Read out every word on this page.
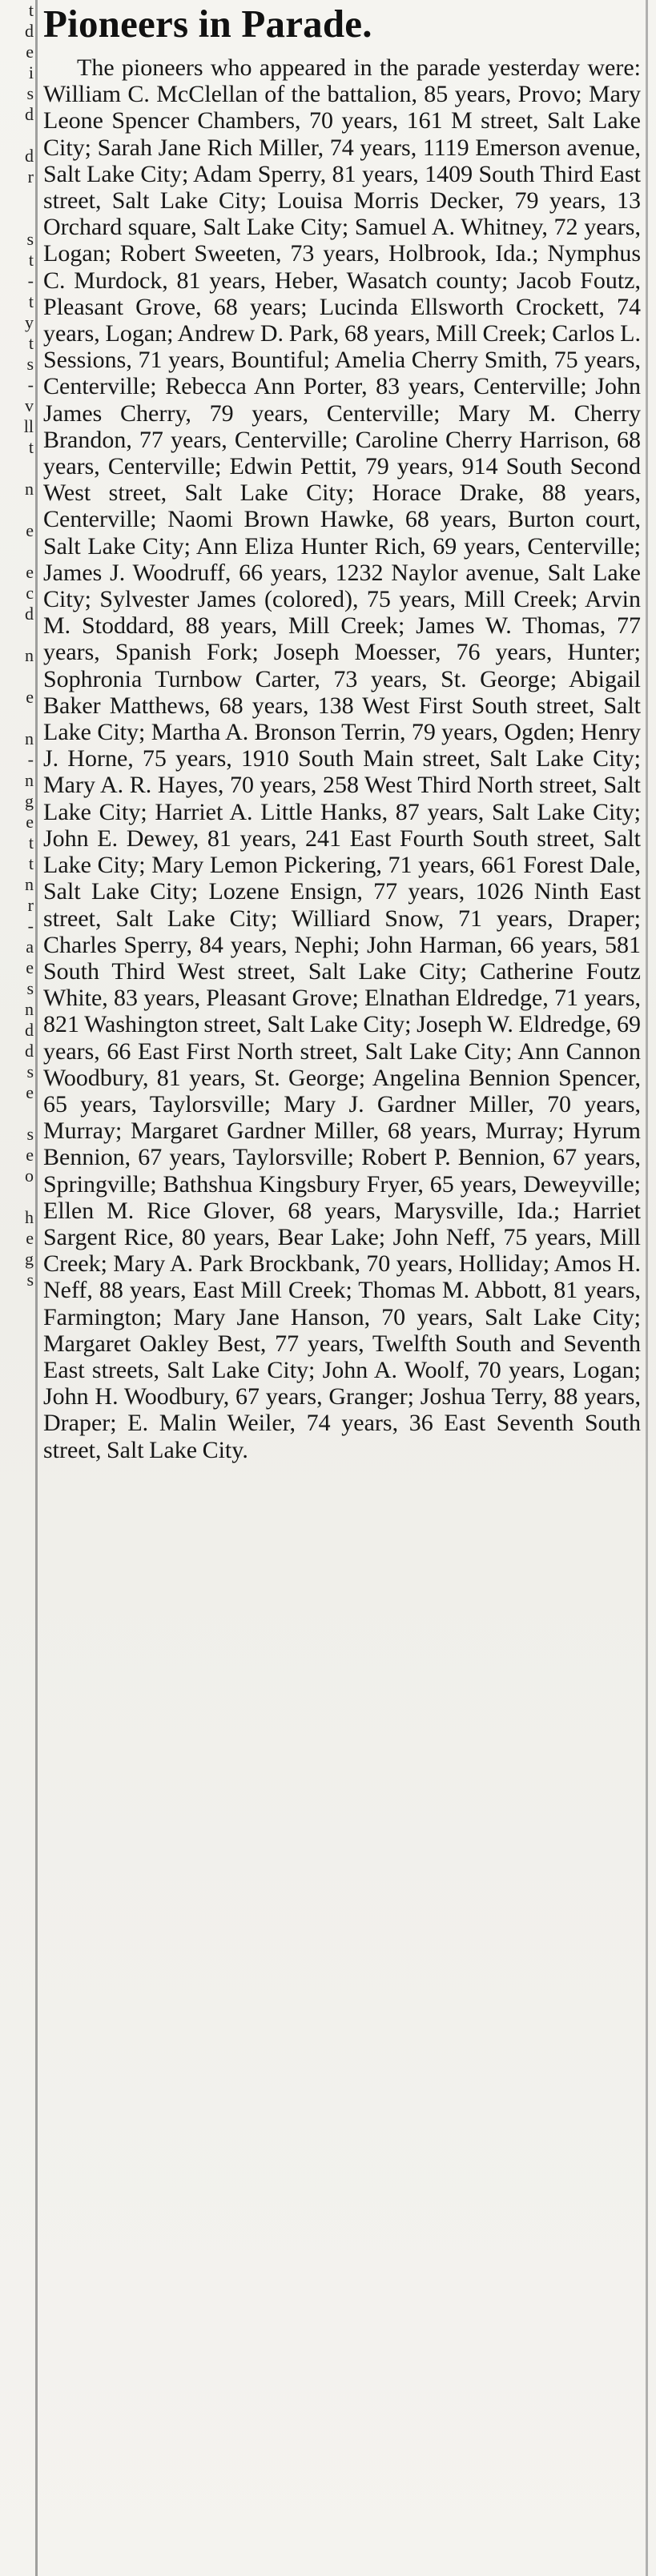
t
d
e
i
s
d

d
r

s
t
-
t
y
t
s
-
v
ll
t

n

e

e
c
d

n

e

n
-
n
g
e
t
t
n
r
-
a
e
s
n
d
d
s
e

s
e
o

h
e
g
s
Pioneers in Parade.

The pioneers who appeared in the parade yesterday were: William C. McClellan of the battalion, 85 years, Provo; Mary Leone Spencer Chambers, 70 years, 161 M street, Salt Lake City; Sarah Jane Rich Miller, 74 years, 1119 Emerson avenue, Salt Lake City; Adam Sperry, 81 years, 1409 South Third East street, Salt Lake City; Louisa Morris Decker, 79 years, 13 Orchard square, Salt Lake City; Samuel A. Whitney, 72 years, Logan; Robert Sweeten, 73 years, Holbrook, Ida.; Nymphus C. Murdock, 81 years, Heber, Wasatch county; Jacob Foutz, Pleasant Grove, 68 years; Lucinda Ellsworth Crockett, 74 years, Logan; Andrew D. Park, 68 years, Mill Creek; Carlos L. Sessions, 71 years, Bountiful; Amelia Cherry Smith, 75 years, Centerville; Rebecca Ann Porter, 83 years, Centerville; John James Cherry, 79 years, Centerville; Mary M. Cherry Brandon, 77 years, Centerville; Caroline Cherry Harrison, 68 years, Centerville; Edwin Pettit, 79 years, 914 South Second West street, Salt Lake City; Horace Drake, 88 years, Centerville; Naomi Brown Hawke, 68 years, Burton court, Salt Lake City; Ann Eliza Hunter Rich, 69 years, Centerville; James J. Woodruff, 66 years, 1232 Naylor avenue, Salt Lake City; Sylvester James (colored), 75 years, Mill Creek; Arvin M. Stoddard, 88 years, Mill Creek; James W. Thomas, 77 years, Spanish Fork; Joseph Moesser, 76 years, Hunter; Sophronia Turnbow Carter, 73 years, St. George; Abigail Baker Matthews, 68 years, 138 West First South street, Salt Lake City; Martha A. Bronson Terrin, 79 years, Ogden; Henry J. Horne, 75 years, 1910 South Main street, Salt Lake City; Mary A. R. Hayes, 70 years, 258 West Third North street, Salt Lake City; Harriet A. Little Hanks, 87 years, Salt Lake City; John E. Dewey, 81 years, 241 East Fourth South street, Salt Lake City; Mary Lemon Pickering, 71 years, 661 Forest Dale, Salt Lake City; Lozene Ensign, 77 years, 1026 Ninth East street, Salt Lake City; Williard Snow, 71 years, Draper; Charles Sperry, 84 years, Nephi; John Harman, 66 years, 581 South Third West street, Salt Lake City; Catherine Foutz White, 83 years, Pleasant Grove; Elnathan Eldredge, 71 years, 821 Washington street, Salt Lake City; Joseph W. Eldredge, 69 years, 66 East First North street, Salt Lake City; Ann Cannon Woodbury, 81 years, St. George; Angelina Bennion Spencer, 65 years, Taylorsville; Mary J. Gardner Miller, 70 years, Murray; Margaret Gardner Miller, 68 years, Murray; Hyrum Bennion, 67 years, Taylorsville; Robert P. Bennion, 67 years, Springville; Bathshua Kingsbury Fryer, 65 years, Deweyville; Ellen M. Rice Glover, 68 years, Marysville, Ida.; Harriet Sargent Rice, 80 years, Bear Lake; John Neff, 75 years, Mill Creek; Mary A. Park Brockbank, 70 years, Holliday; Amos H. Neff, 88 years, East Mill Creek; Thomas M. Abbott, 81 years, Farmington; Mary Jane Hanson, 70 years, Salt Lake City; Margaret Oakley Best, 77 years, Twelfth South and Seventh East streets, Salt Lake City; John A. Woolf, 70 years, Logan; John H. Woodbury, 67 years, Granger; Joshua Terry, 88 years, Draper; E. Malin Weiler, 74 years, 36 East Seventh South street, Salt Lake City.
